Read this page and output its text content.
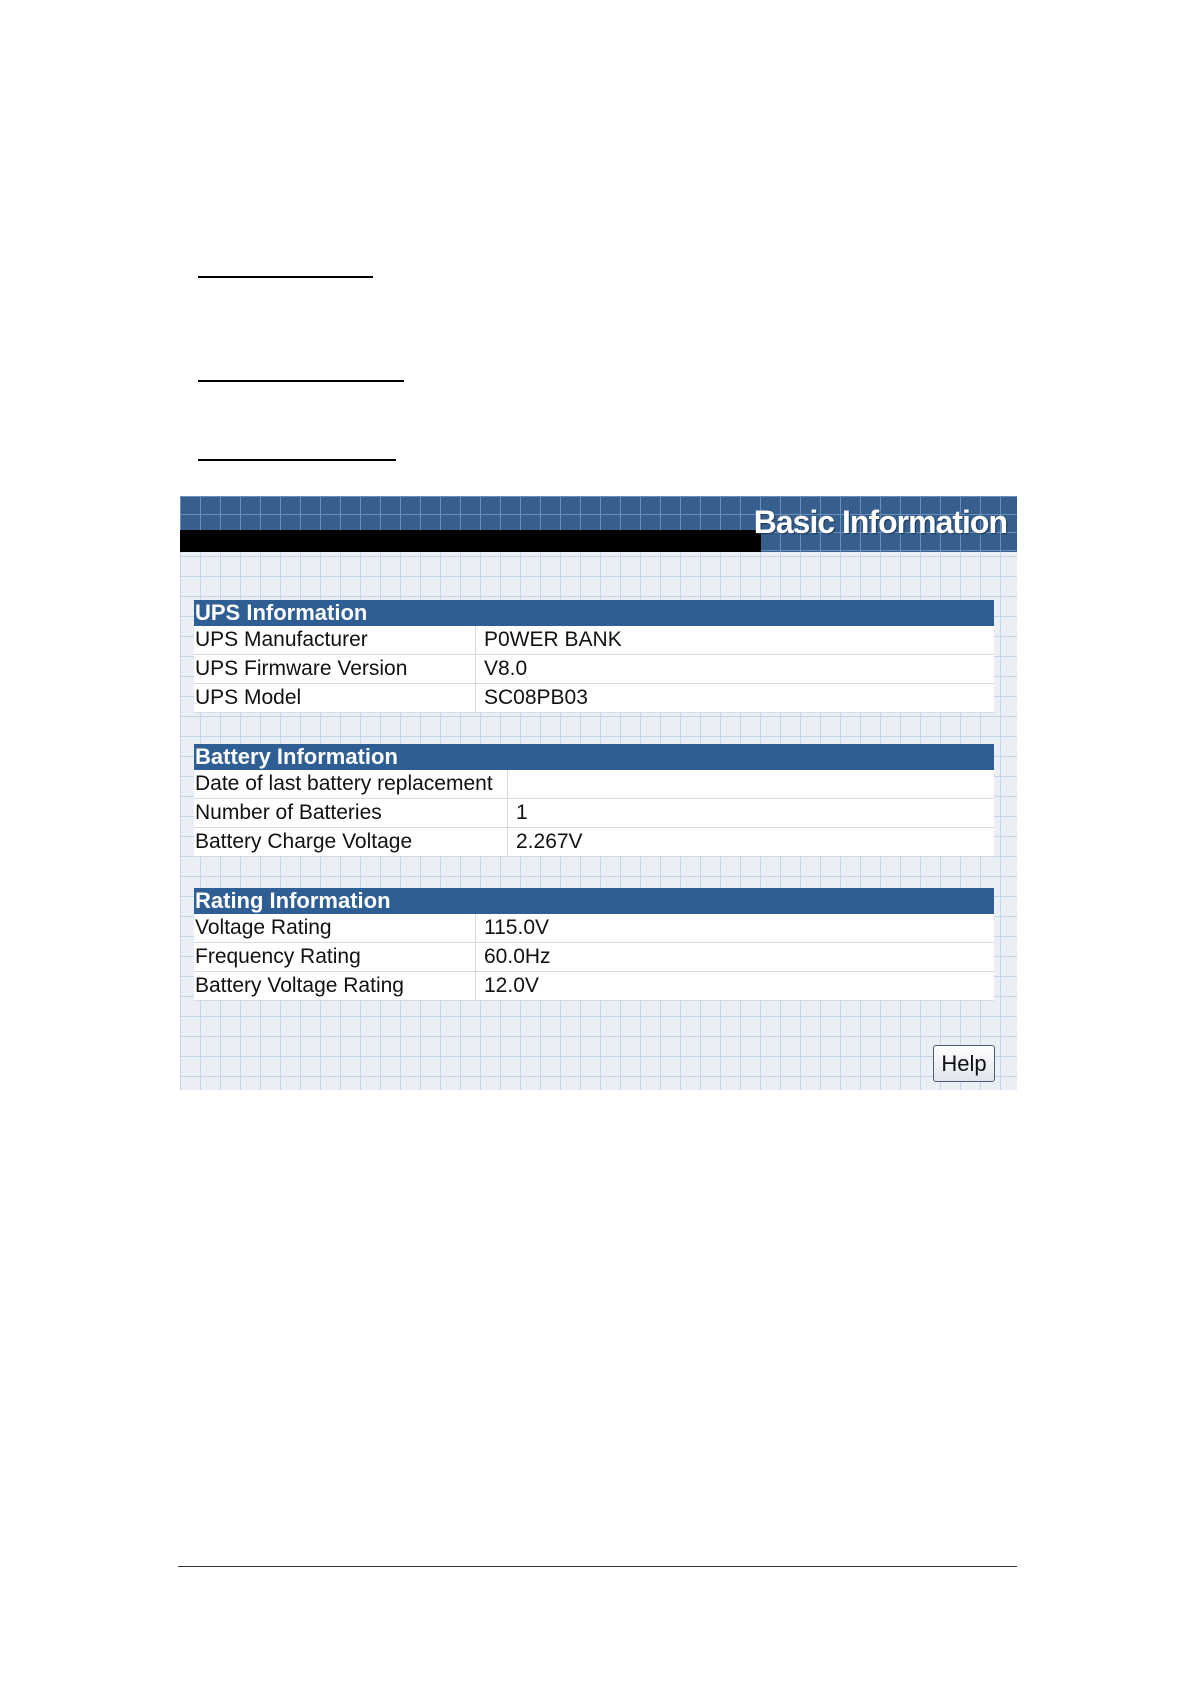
Basic Information
UPS Information
UPS Manufacturer	P0WER BANK
UPS Firmware Version	V8.0
UPS Model	SC08PB03
Battery Information
Date of last battery replacement
Number of Batteries	1
Battery Charge Voltage	2.267V
Rating Information
Voltage Rating	115.0V
Frequency Rating	60.0Hz
Battery Voltage Rating	12.0V
Help
